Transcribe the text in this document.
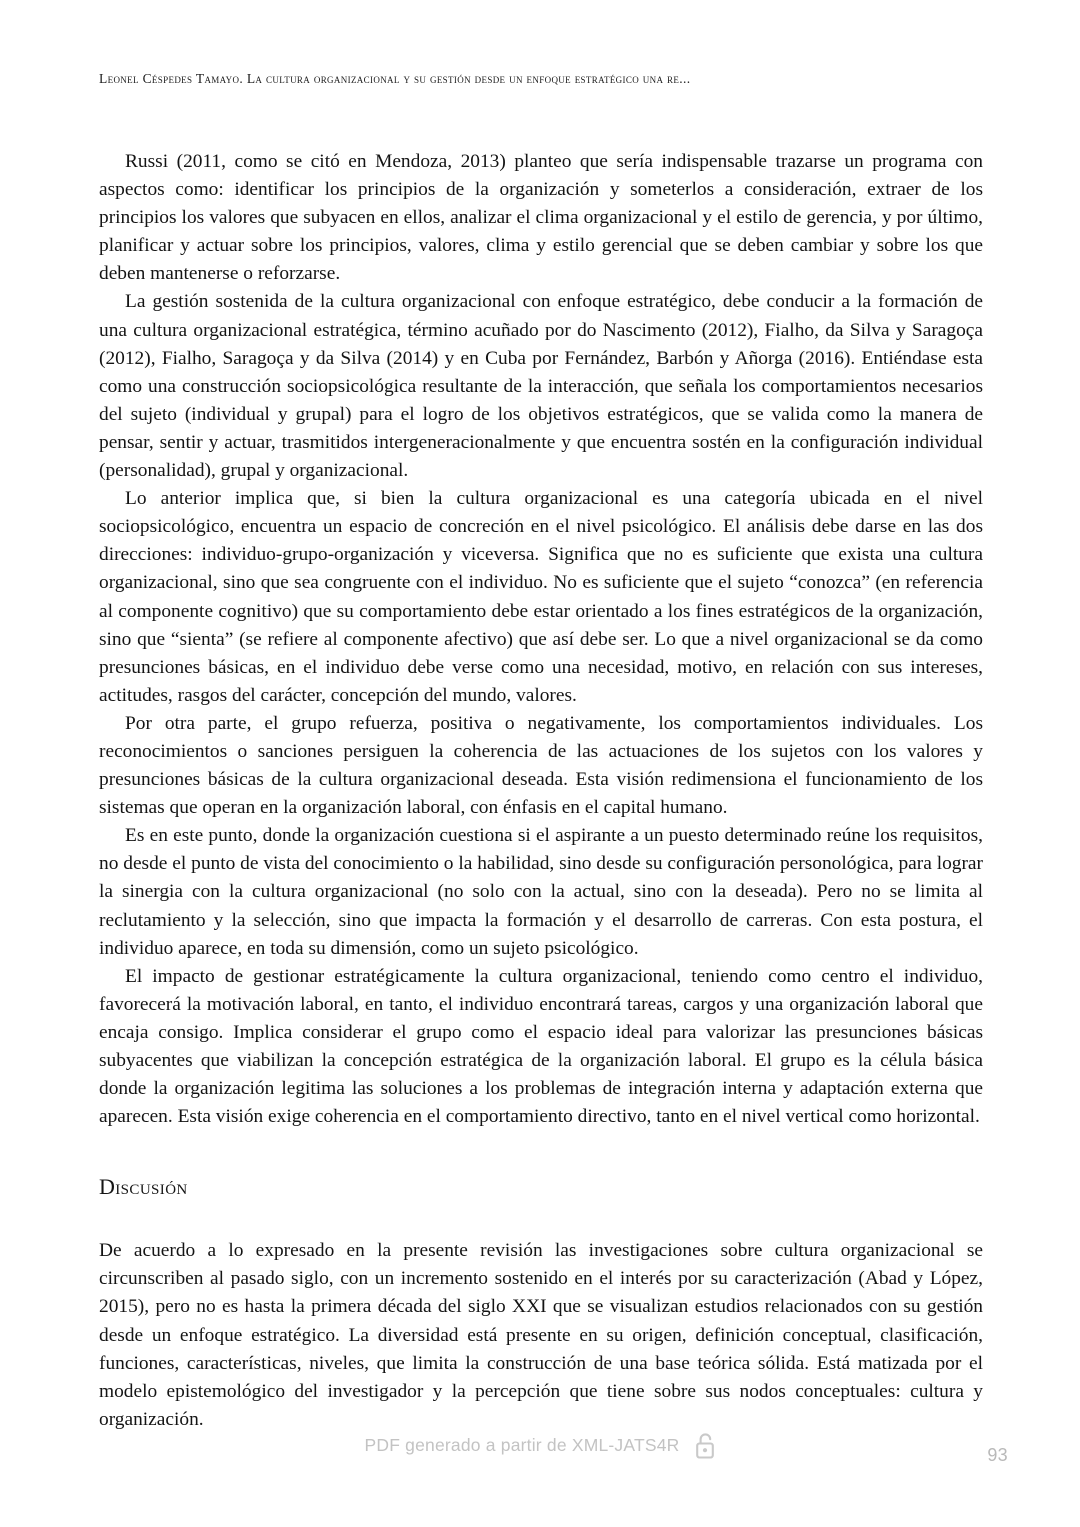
Leonel Céspedes Tamayo. La cultura organizacional y su gestión desde un enfoque estratégico una re...

Russi (2011, como se citó en Mendoza, 2013) planteo que sería indispensable trazarse un programa con aspectos como: identificar los principios de la organización y someterlos a consideración, extraer de los principios los valores que subyacen en ellos, analizar el clima organizacional y el estilo de gerencia, y por último, planificar y actuar sobre los principios, valores, clima y estilo gerencial que se deben cambiar y sobre los que deben mantenerse o reforzarse.

La gestión sostenida de la cultura organizacional con enfoque estratégico, debe conducir a la formación de una cultura organizacional estratégica, término acuñado por do Nascimento (2012), Fialho, da Silva y Saragoça (2012), Fialho, Saragoça y da Silva (2014) y en Cuba por Fernández, Barbón y Añorga (2016). Entiéndase esta como una construcción sociopsicológica resultante de la interacción, que señala los comportamientos necesarios del sujeto (individual y grupal) para el logro de los objetivos estratégicos, que se valida como la manera de pensar, sentir y actuar, trasmitidos intergeneracionalmente y que encuentra sostén en la configuración individual (personalidad), grupal y organizacional.

Lo anterior implica que, si bien la cultura organizacional es una categoría ubicada en el nivel sociopsicológico, encuentra un espacio de concreción en el nivel psicológico. El análisis debe darse en las dos direcciones: individuo-grupo-organización y viceversa. Significa que no es suficiente que exista una cultura organizacional, sino que sea congruente con el individuo. No es suficiente que el sujeto “conozca” (en referencia al componente cognitivo) que su comportamiento debe estar orientado a los fines estratégicos de la organización, sino que “sienta” (se refiere al componente afectivo) que así debe ser. Lo que a nivel organizacional se da como presunciones básicas, en el individuo debe verse como una necesidad, motivo, en relación con sus intereses, actitudes, rasgos del carácter, concepción del mundo, valores.

Por otra parte, el grupo refuerza, positiva o negativamente, los comportamientos individuales. Los reconocimientos o sanciones persiguen la coherencia de las actuaciones de los sujetos con los valores y presunciones básicas de la cultura organizacional deseada. Esta visión redimensiona el funcionamiento de los sistemas que operan en la organización laboral, con énfasis en el capital humano.

Es en este punto, donde la organización cuestiona si el aspirante a un puesto determinado reúne los requisitos, no desde el punto de vista del conocimiento o la habilidad, sino desde su configuración personológica, para lograr la sinergia con la cultura organizacional (no solo con la actual, sino con la deseada). Pero no se limita al reclutamiento y la selección, sino que impacta la formación y el desarrollo de carreras. Con esta postura, el individuo aparece, en toda su dimensión, como un sujeto psicológico.

El impacto de gestionar estratégicamente la cultura organizacional, teniendo como centro el individuo, favorecerá la motivación laboral, en tanto, el individuo encontrará tareas, cargos y una organización laboral que encaja consigo. Implica considerar el grupo como el espacio ideal para valorizar las presunciones básicas subyacentes que viabilizan la concepción estratégica de la organización laboral. El grupo es la célula básica donde la organización legitima las soluciones a los problemas de integración interna y adaptación externa que aparecen. Esta visión exige coherencia en el comportamiento directivo, tanto en el nivel vertical como horizontal.

Discusión

De acuerdo a lo expresado en la presente revisión las investigaciones sobre cultura organizacional se circunscriben al pasado siglo, con un incremento sostenido en el interés por su caracterización (Abad y López, 2015), pero no es hasta la primera década del siglo XXI que se visualizan estudios relacionados con su gestión desde un enfoque estratégico. La diversidad está presente en su origen, definición conceptual, clasificación, funciones, características, niveles, que limita la construcción de una base teórica sólida. Está matizada por el modelo epistemológico del investigador y la percepción que tiene sobre sus nodos conceptuales: cultura y organización.

PDF generado a partir de XML-JATS4R	93
